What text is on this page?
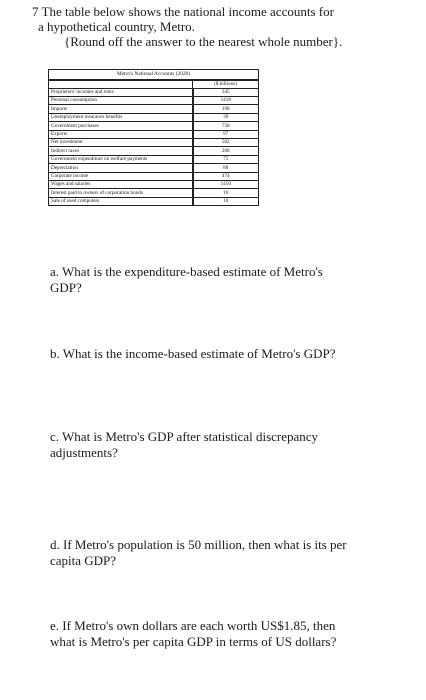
7 The table below shows the national income accounts for
a hypothetical country, Metro.
{Round off the answer to the nearest whole number}.
Metro's National Accounts (2020)	
	($ billions)
Proprietors' incomes and rents	345
Personal consumption	1418
Imports	198
Unemployment insurance benefits	39
Government purchases	758
Exports	97
Net investment	502
Indirect taxes	268
Government expenditure on welfare payments	75
Depreciation	88
Corporate income	474
Wages and salaries	1450
Interest paid to owners of corporation bonds	16
Sale of used computers	10
a. What is the expenditure-based estimate of Metro's
GDP?
b. What is the income-based estimate of Metro's GDP?
c. What is Metro's GDP after statistical discrepancy
adjustments?
d. If Metro's population is 50 million, then what is its per
capita GDP?
e. If Metro's own dollars are each worth US$1.85, then
what is Metro's per capita GDP in terms of US dollars?
